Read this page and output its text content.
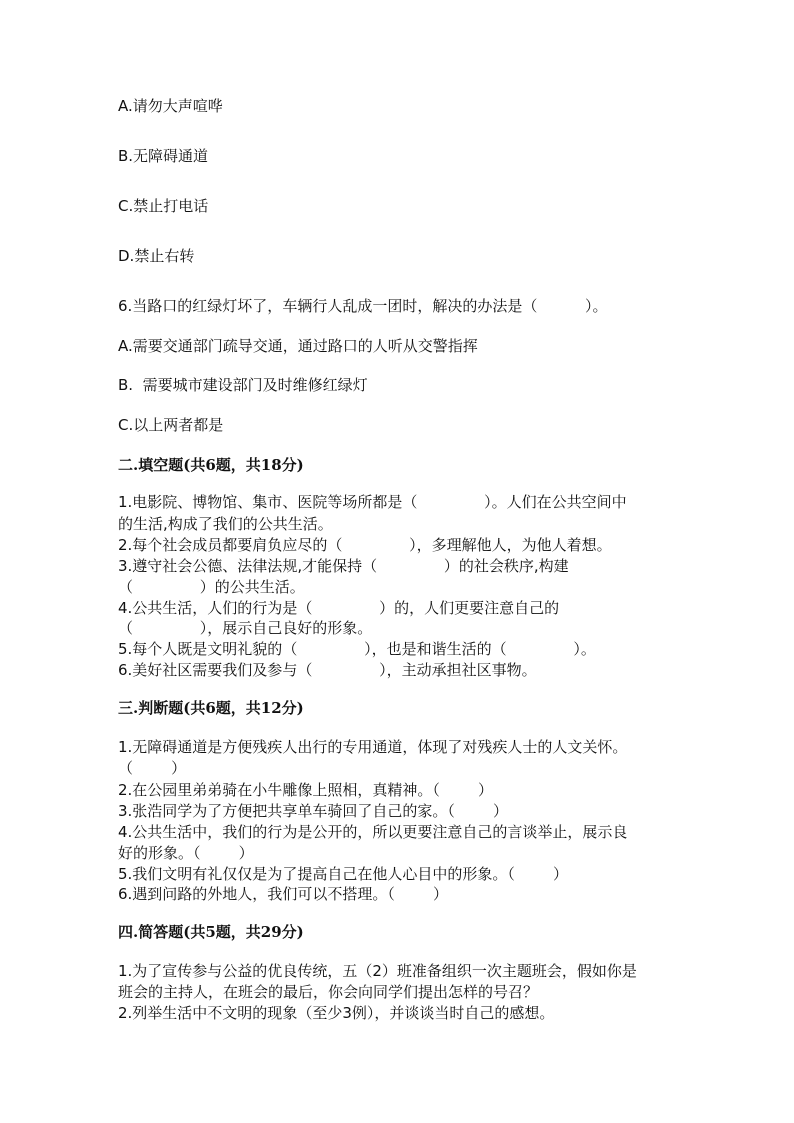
A.请勿大声喧哗

B.无障碍通道

C.禁止打电话

D.禁止右转

6.当路口的红绿灯坏了，车辆行人乱成一团时，解决的办法是（          ）。

A.需要交通部门疏导交通，通过路口的人听从交警指挥

B.  需要城市建设部门及时维修红绿灯

C.以上两者都是

二.填空题(共6题，共18分)

1.电影院、博物馆、集市、医院等场所都是（              ）。人们在公共空间中

的生活,构成了我们的公共生活。

2.每个社会成员都要肩负应尽的（              ），多理解他人，为他人着想。

3.遵守社会公德、法律法规,才能保持（              ）的社会秩序,构建

（              ）的公共生活。

4.公共生活，人们的行为是（              ）的，人们更要注意自己的

（              ），展示自己良好的形象。

5.每个人既是文明礼貌的（              ），也是和谐生活的（              ）。

6.美好社区需要我们及参与（              ），主动承担社区事物。

三.判断题(共6题，共12分)

1.无障碍通道是方便残疾人出行的专用通道，体现了对残疾人士的人文关怀。

（        ）

2.在公园里弟弟骑在小牛雕像上照相，真精神。（        ）

3.张浩同学为了方便把共享单车骑回了自己的家。（        ）

4.公共生活中，我们的行为是公开的，所以更要注意自己的言谈举止，展示良

好的形象。（        ）

5.我们文明有礼仅仅是为了提高自己在他人心目中的形象。（        ）

6.遇到问路的外地人，我们可以不搭理。（        ）

四.简答题(共5题，共29分)

1.为了宣传参与公益的优良传统，五（2）班准备组织一次主题班会，假如你是

班会的主持人，在班会的最后，你会向同学们提出怎样的号召？

2.列举生活中不文明的现象（至少3例），并谈谈当时自己的感想。
